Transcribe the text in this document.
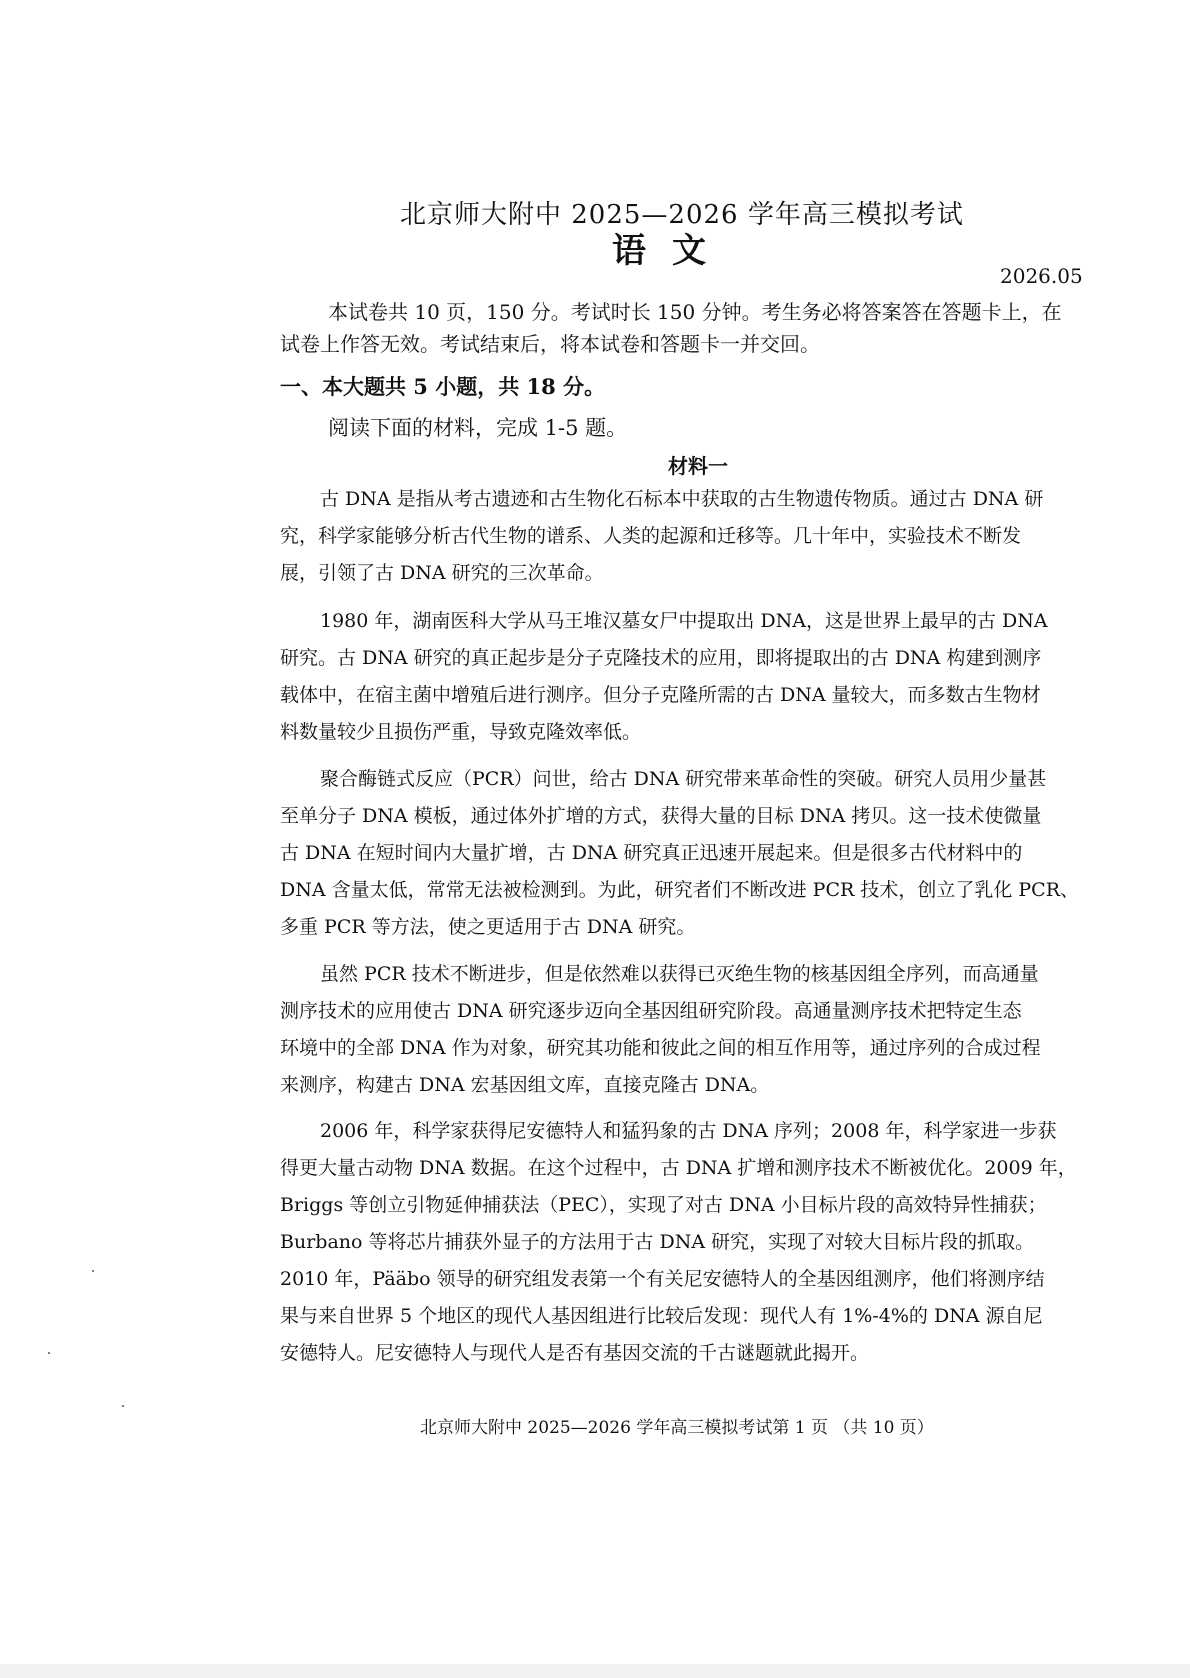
北京师大附中 2025—2026 学年高三模拟考试
语文
2026.05
本试卷共 10 页，150 分。考试时长 150 分钟。考生务必将答案答在答题卡上，在
试卷上作答无效。考试结束后，将本试卷和答题卡一并交回。
一、本大题共 5 小题，共 18 分。
阅读下面的材料，完成 1-5 题。
材料一
古 DNA 是指从考古遗迹和古生物化石标本中获取的古生物遗传物质。通过古 DNA 研
究，科学家能够分析古代生物的谱系、人类的起源和迁移等。几十年中，实验技术不断发
展，引领了古 DNA 研究的三次革命。
1980 年，湖南医科大学从马王堆汉墓女尸中提取出 DNA，这是世界上最早的古 DNA
研究。古 DNA 研究的真正起步是分子克隆技术的应用，即将提取出的古 DNA 构建到测序
载体中，在宿主菌中增殖后进行测序。但分子克隆所需的古 DNA 量较大，而多数古生物材
料数量较少且损伤严重，导致克隆效率低。
聚合酶链式反应（PCR）问世，给古 DNA 研究带来革命性的突破。研究人员用少量甚
至单分子 DNA 模板，通过体外扩增的方式，获得大量的目标 DNA 拷贝。这一技术使微量
古 DNA 在短时间内大量扩增，古 DNA 研究真正迅速开展起来。但是很多古代材料中的
DNA 含量太低，常常无法被检测到。为此，研究者们不断改进 PCR 技术，创立了乳化 PCR、
多重 PCR 等方法，使之更适用于古 DNA 研究。
虽然 PCR 技术不断进步，但是依然难以获得已灭绝生物的核基因组全序列，而高通量
测序技术的应用使古 DNA 研究逐步迈向全基因组研究阶段。高通量测序技术把特定生态
环境中的全部 DNA 作为对象，研究其功能和彼此之间的相互作用等，通过序列的合成过程
来测序，构建古 DNA 宏基因组文库，直接克隆古 DNA。
2006 年，科学家获得尼安德特人和猛犸象的古 DNA 序列；2008 年，科学家进一步获
得更大量古动物 DNA 数据。在这个过程中，古 DNA 扩增和测序技术不断被优化。2009 年，
Briggs 等创立引物延伸捕获法（PEC），实现了对古 DNA 小目标片段的高效特异性捕获；
Burbano 等将芯片捕获外显子的方法用于古 DNA 研究，实现了对较大目标片段的抓取。
2010 年，Pääbo 领导的研究组发表第一个有关尼安德特人的全基因组测序，他们将测序结
果与来自世界 5 个地区的现代人基因组进行比较后发现：现代人有 1%-4%的 DNA 源自尼
安德特人。尼安德特人与现代人是否有基因交流的千古谜题就此揭开。
北京师大附中 2025—2026 学年高三模拟考试第 1 页 （共 10 页）
